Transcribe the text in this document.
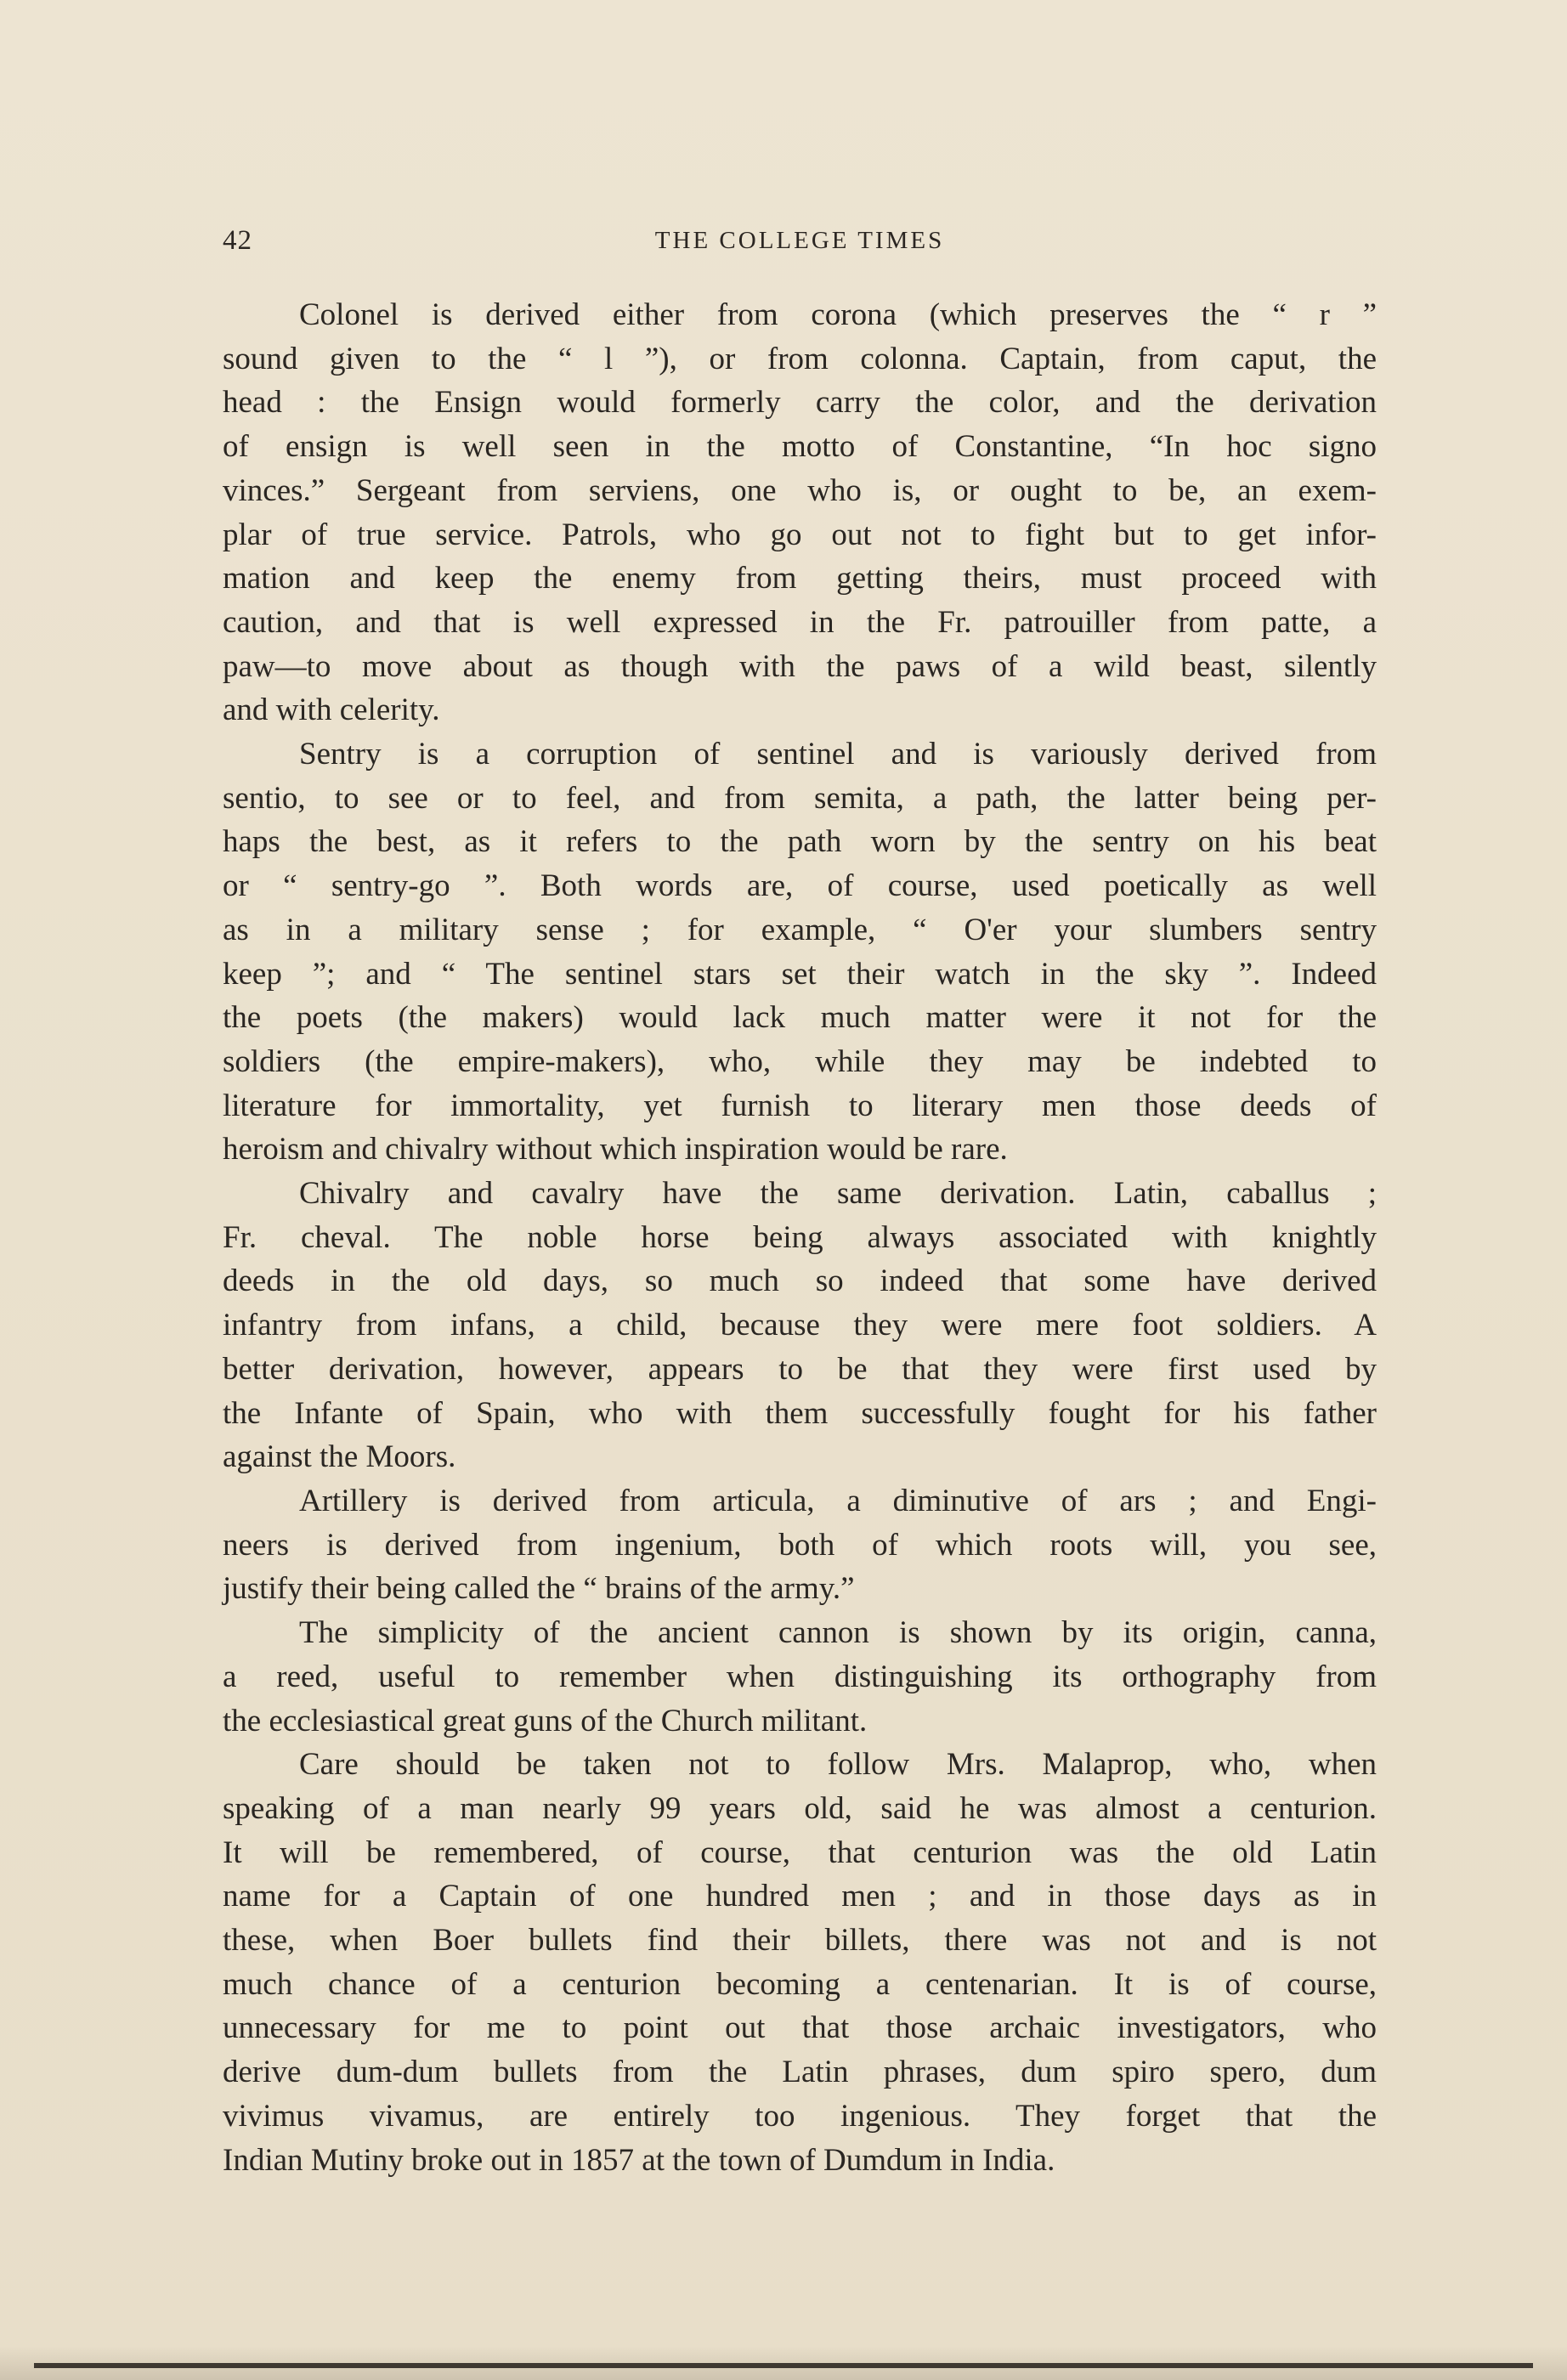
42	THE COLLEGE TIMES

Colonel is derived either from corona (which preserves the “ r ”
sound given to the “ l ”), or from colonna. Captain, from caput, the
head : the Ensign would formerly carry the color, and the derivation
of ensign is well seen in the motto of Constantine, “In hoc signo
vinces.” Sergeant from serviens, one who is, or ought to be, an exem-
plar of true service. Patrols, who go out not to fight but to get infor-
mation and keep the enemy from getting theirs, must proceed with
caution, and that is well expressed in the Fr. patrouiller from patte, a
paw—to move about as though with the paws of a wild beast, silently
and with celerity.

Sentry is a corruption of sentinel and is variously derived from
sentio, to see or to feel, and from semita, a path, the latter being per-
haps the best, as it refers to the path worn by the sentry on his beat
or “ sentry-go ”. Both words are, of course, used poetically as well
as in a military sense ; for example, “ O'er your slumbers sentry
keep ”; and “ The sentinel stars set their watch in the sky ”. Indeed
the poets (the makers) would lack much matter were it not for the
soldiers (the empire-makers), who, while they may be indebted to
literature for immortality, yet furnish to literary men those deeds of
heroism and chivalry without which inspiration would be rare.

Chivalry and cavalry have the same derivation. Latin, caballus ;
Fr. cheval. The noble horse being always associated with knightly
deeds in the old days, so much so indeed that some have derived
infantry from infans, a child, because they were mere foot soldiers. A
better derivation, however, appears to be that they were first used by
the Infante of Spain, who with them successfully fought for his father
against the Moors.

Artillery is derived from articula, a diminutive of ars ; and Engi-
neers is derived from ingenium, both of which roots will, you see,
justify their being called the “ brains of the army.”

The simplicity of the ancient cannon is shown by its origin, canna,
a reed, useful to remember when distinguishing its orthography from
the ecclesiastical great guns of the Church militant.

Care should be taken not to follow Mrs. Malaprop, who, when
speaking of a man nearly 99 years old, said he was almost a centurion.
It will be remembered, of course, that centurion was the old Latin
name for a Captain of one hundred men ; and in those days as in
these, when Boer bullets find their billets, there was not and is not
much chance of a centurion becoming a centenarian. It is of course,
unnecessary for me to point out that those archaic investigators, who
derive dum-dum bullets from the Latin phrases, dum spiro spero, dum
vivimus vivamus, are entirely too ingenious. They forget that the
Indian Mutiny broke out in 1857 at the town of Dumdum in India.
